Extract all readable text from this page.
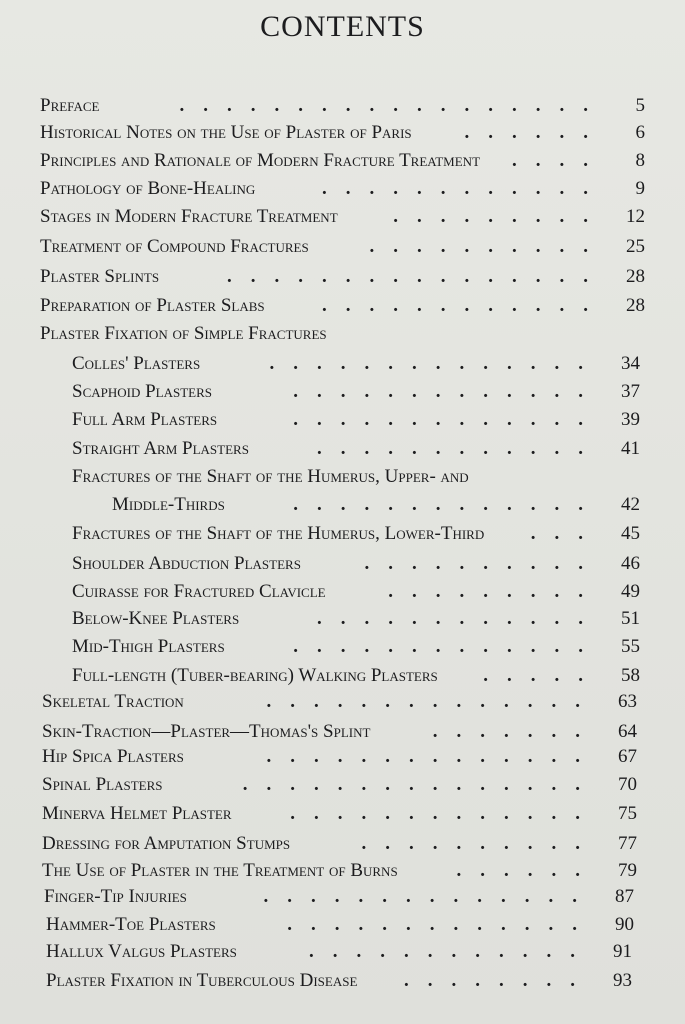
CONTENTS
Preface	..................	5
Historical Notes on the Use of Plaster of Paris	......	6
Principles and Rationale of Modern Fracture Treatment	....	8
Pathology of Bone-Healing	............	9
Stages in Modern Fracture Treatment	.........	12
Treatment of Compound Fractures	..........	25
Plaster Splints	................	28
Preparation of Plaster Slabs	............	28
Plaster Fixation of Simple Fractures
Colles' Plasters	..............	34
Scaphoid Plasters	.............	37
Full Arm Plasters	.............	39
Straight Arm Plasters	............	41
Fractures of the Shaft of the Humerus, Upper- and
Middle-Thirds	.............	42
Fractures of the Shaft of the Humerus, Lower-Third	...	45
Shoulder Abduction Plasters	..........	46
Cuirasse for Fractured Clavicle	.........	49
Below-Knee Plasters	............	51
Mid-Thigh Plasters	.............	55
Full-length (Tuber-bearing) Walking Plasters	.....	58
Skeletal Traction	..............	63
Skin-Traction—Plaster—Thomas's Splint	.......	64
Hip Spica Plasters	..............	67
Spinal Plasters	...............	70
Minerva Helmet Plaster	.............	75
Dressing for Amputation Stumps	..........	77
The Use of Plaster in the Treatment of Burns	......	79
Finger-Tip Injuries	..............	87
Hammer-Toe Plasters	.............	90
Hallux Valgus Plasters	............	91
Plaster Fixation in Tuberculous Disease	........	93
